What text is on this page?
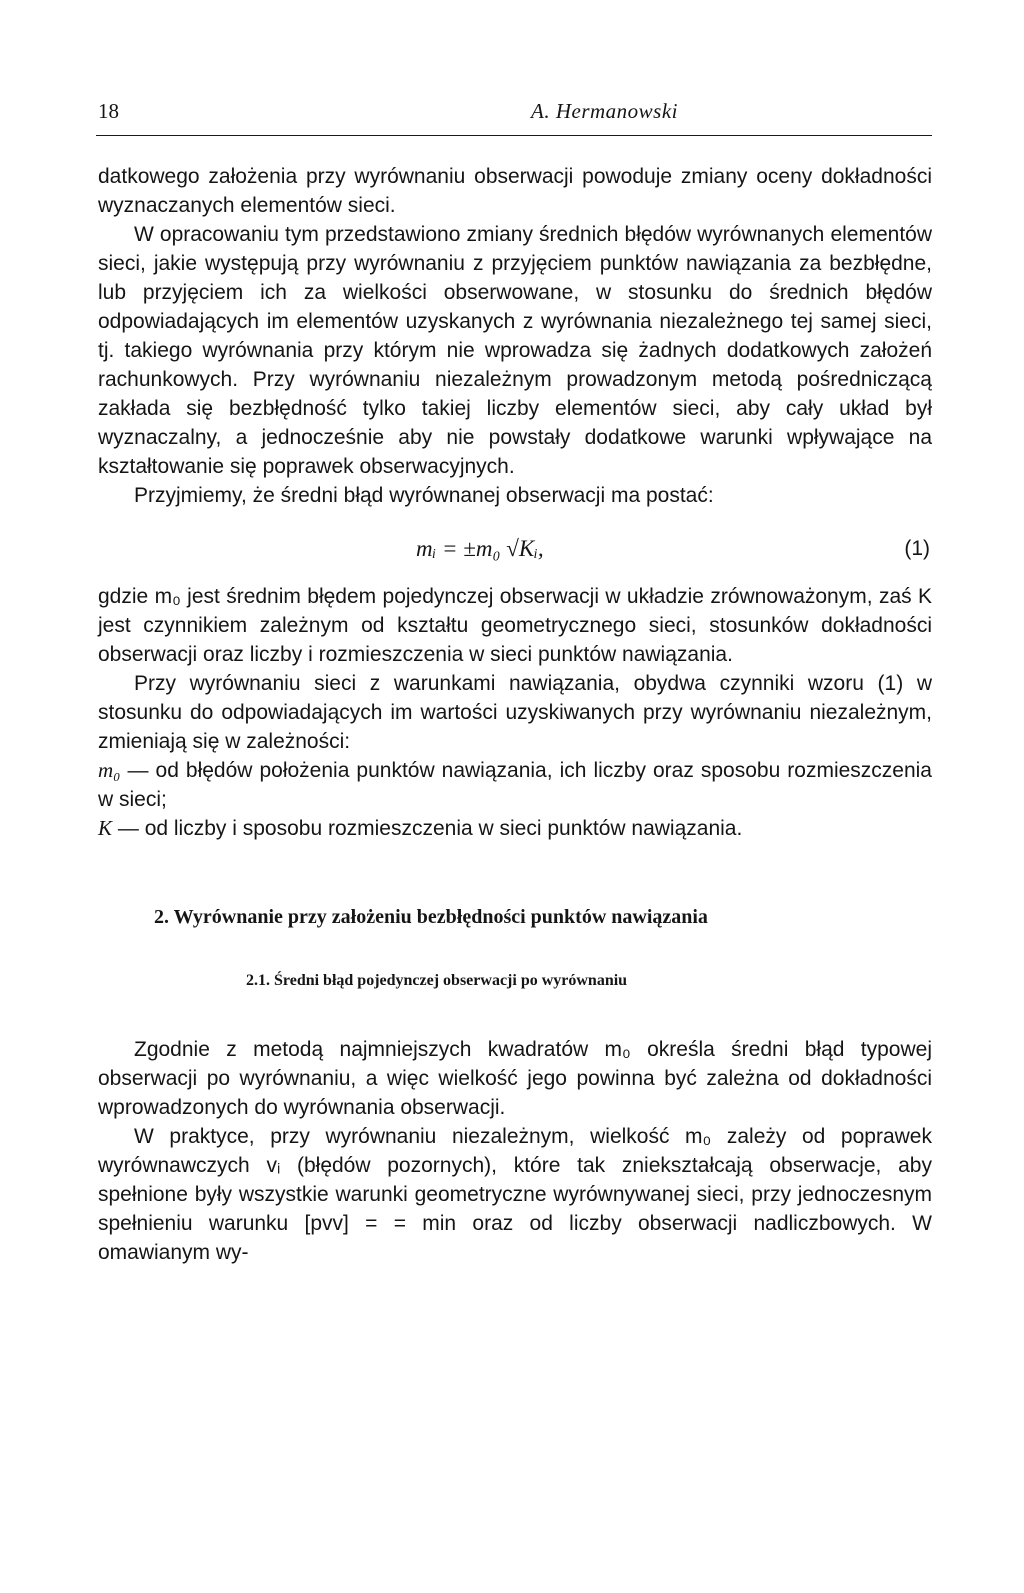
18	A. Hermanowski

datkowego założenia przy wyrównaniu obserwacji powoduje zmiany oceny dokładności wyznaczanych elementów sieci.

W opracowaniu tym przedstawiono zmiany średnich błędów wyrównanych elementów sieci, jakie występują przy wyrównaniu z przyjęciem punktów nawiązania za bezbłędne, lub przyjęciem ich za wielkości obserwowane, w stosunku do średnich błędów odpowiadających im elementów uzyskanych z wyrównania niezależnego tej samej sieci, tj. takiego wyrównania przy którym nie wprowadza się żadnych dodatkowych założeń rachunkowych. Przy wyrównaniu niezależnym prowadzonym metodą pośredniczącą zakłada się bezbłędność tylko takiej liczby elementów sieci, aby cały układ był wyznaczalny, a jednocześnie aby nie powstały dodatkowe warunki wpływające na kształtowanie się poprawek obserwacyjnych.

Przyjmiemy, że średni błąd wyrównanej obserwacji ma postać:

mᵢ = ±m₀ √Kᵢ,	(1)

gdzie m₀ jest średnim błędem pojedynczej obserwacji w układzie zrównoważonym, zaś K jest czynnikiem zależnym od kształtu geometrycznego sieci, stosunków dokładności obserwacji oraz liczby i rozmieszczenia w sieci punktów nawiązania.

Przy wyrównaniu sieci z warunkami nawiązania, obydwa czynniki wzoru (1) w stosunku do odpowiadających im wartości uzyskiwanych przy wyrównaniu niezależnym, zmieniają się w zależności:

m₀ — od błędów położenia punktów nawiązania, ich liczby oraz sposobu rozmieszczenia w sieci;

K — od liczby i sposobu rozmieszczenia w sieci punktów nawiązania.

2. Wyrównanie przy założeniu bezbłędności punktów nawiązania
2.1. Średni błąd pojedynczej obserwacji po wyrównaniu

Zgodnie z metodą najmniejszych kwadratów m₀ określa średni błąd typowej obserwacji po wyrównaniu, a więc wielkość jego powinna być zależna od dokładności wprowadzonych do wyrównania obserwacji.

W praktyce, przy wyrównaniu niezależnym, wielkość m₀ zależy od poprawek wyrównawczych vᵢ (błędów pozornych), które tak zniekształcają obserwacje, aby spełnione były wszystkie warunki geometryczne wyrównywanej sieci, przy jednoczesnym spełnieniu warunku [pvv] = = min oraz od liczby obserwacji nadliczbowych. W omawianym wy-
